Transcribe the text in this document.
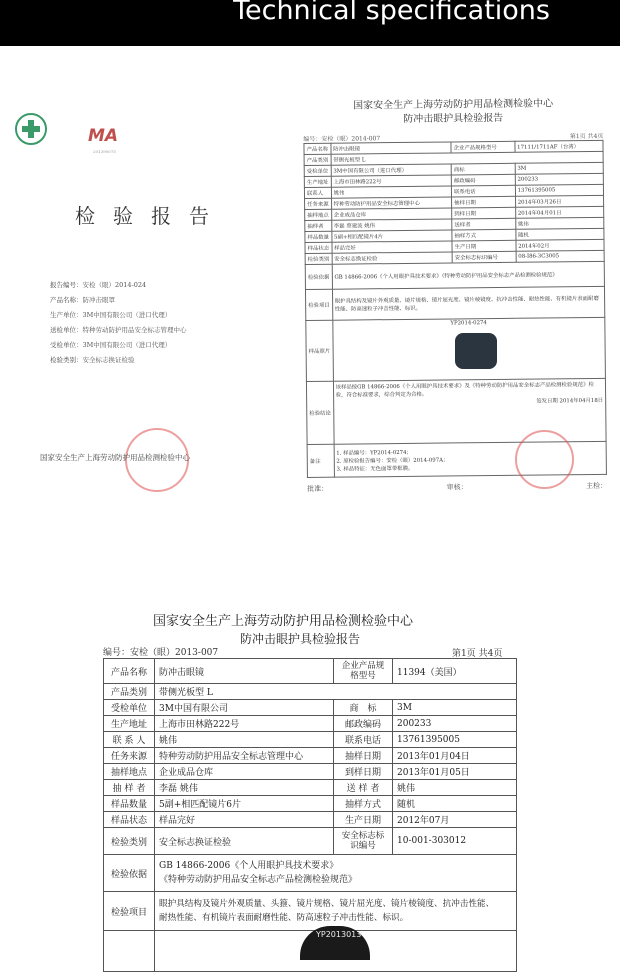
Technical specifications
MA
201390075
检验报告
报告编号：安检（眼）2014-024
产品名称：防冲击眼罩
生产单位：3M中国有限公司（进口代理）
送检单位：特种劳动防护用品安全标志管理中心
受检单位：3M中国有限公司（进口代理）
检验类别：安全标志换证检验
国家安全生产上海劳动防护用品检测检验中心
国家安全生产上海劳动防护用品检测检验中心
防冲击眼护具检验报告
编号：安检（眼）2014-007	第1页 共4页
产品名称	防冲击眼镜	企业产品规格型号	17111/1711AF（台湾）
产品类别	带侧光板型 L		
受检单位	3M中国有限公司（进口代理）	商标	3M
生产地址	上海市田林路222号	邮政编码	200233
联系人	姚伟	联系电话	13761395005
任务来源	特种劳动防护用品安全标志管理中心	抽样日期	2014年03月26日
抽样地点	企业成品仓库	到样日期	2014年04月01日
抽样者	李磊 蔡建波 姚伟	送样者	姚伟
样品数量	5副+相匹配镜片4片	抽样方式	随机
样品状态	样品完好	生产日期	2014年02月
检验类别	安全标志换证检验	安全标志标识编号	08-I86-3C3005
检验依据	GB 14866-2006《个人用眼护具技术要求》《特种劳动防护用品安全标志产品检测检验规范》		
检验项目	眼护具结构及镜片外观质量、镜片规格、镜片屈光度、镜片棱镜度、抗冲击性能、耐热性能、有机镜片表面耐磨性能、防高速粒子冲击性能、标识。		
样品照片	YP2014-0274		
检验结论	该样品按GB 14866-2006《个人用眼护具技术要求》及《特种劳动防护用品安全标志产品检测检验规范》检验，符合标准要求，综合判定为合格。

签发日期 2014年04月18日		

备注	1. 样品编号：YP2014-0274；
2. 原检验报告编号：安检（眼）2014-097A；
3. 样品特征：无色面罩带框膜。		
批准：	审核：	主检：
国家安全生产上海劳动防护用品检测检验中心
防冲击眼护具检验报告
编号：安检（眼）2013-007	第1页 共4页
产品名称	防冲击眼镜	企业产品规格型号	11394（美国）
产品类别	带侧光板型 L		
受检单位	3M中国有限公司	商　标	3M
生产地址	上海市田林路222号	邮政编码	200233
联 系 人	姚伟	联系电话	13761395005
任务来源	特种劳动防护用品安全标志管理中心	抽样日期	2013年01月04日
抽样地点	企业成品仓库	到样日期	2013年01月05日
抽 样 者	李磊 姚伟	送 样 者	姚伟
样品数量	5副+相匹配镜片6片	抽样方式	随机
样品状态	样品完好	生产日期	2012年07月
检验类别	安全标志换证检验	安全标志标识编号	10-001-303012
检验依据	GB 14866-2006《个人用眼护具技术要求》
《特种劳动防护用品安全标志产品检测检验规范》		

检验项目	眼护具结构及镜片外观质量、头箍、镜片规格、镜片屈光度、镜片棱镜度、抗冲击性能、
耐热性能、有机镜片表面耐磨性能、防高速粒子冲击性能、标识。		

YP2013013
